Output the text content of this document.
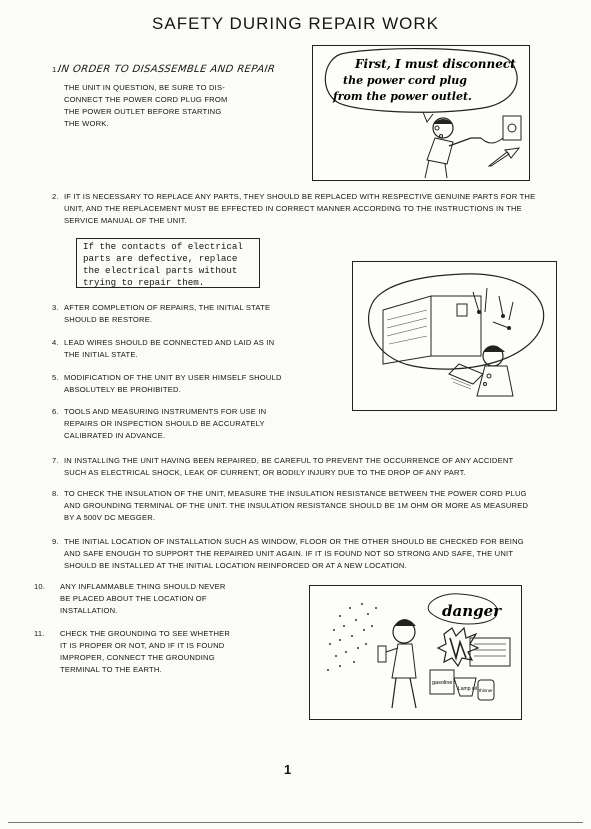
SAFETY DURING REPAIR WORK
1.
IN ORDER TO DISASSEMBLE AND REPAIR
THE UNIT IN QUESTION, BE SURE TO DIS-
CONNECT THE POWER CORD PLUG FROM
THE POWER OUTLET BEFORE STARTING
THE WORK.
First, I must disconnect
the power cord plug
from the power outlet.
2. IF IT IS NECESSARY TO REPLACE ANY PARTS, THEY SHOULD BE REPLACED WITH RESPECTIVE GENUINE PARTS FOR THE
UNIT, AND THE REPLACEMENT MUST BE EFFECTED IN CORRECT MANNER ACCORDING TO THE INSTRUCTIONS IN THE
SERVICE MANUAL OF THE UNIT.
If the contacts of electrical
parts are defective, replace
the electrical parts without
trying to repair them.
3. AFTER COMPLETION OF REPAIRS, THE INITIAL STATE
SHOULD BE RESTORE.
4. LEAD WIRES SHOULD BE CONNECTED AND LAID AS IN
THE INITIAL STATE.
5. MODIFICATION OF THE UNIT BY USER HIMSELF SHOULD
ABSOLUTELY BE PROHIBITED.
6. TOOLS AND MEASURING INSTRUMENTS FOR USE IN
REPAIRS OR INSPECTION SHOULD BE ACCURATELY
CALIBRATED IN ADVANCE.
7. IN INSTALLING THE UNIT HAVING BEEN REPAIRED, BE CAREFUL TO PREVENT THE OCCURRENCE OF ANY ACCIDENT
SUCH AS ELECTRICAL SHOCK, LEAK OF CURRENT, OR BODILY INJURY DUE TO THE DROP OF ANY PART.
8. TO CHECK THE INSULATION OF THE UNIT, MEASURE THE INSULATION RESISTANCE BETWEEN THE POWER CORD PLUG
AND GROUNDING TERMINAL OF THE UNIT. THE INSULATION RESISTANCE SHOULD BE 1M OHM OR MORE AS MEASURED
BY A 500V DC MEGGER.
9. THE INITIAL LOCATION OF INSTALLATION SUCH AS WINDOW, FLOOR OR THE OTHER SHOULD BE CHECKED FOR BEING
AND SAFE ENOUGH TO SUPPORT THE REPAIRED UNIT AGAIN. IF IT IS FOUND NOT SO STRONG AND SAFE, THE UNIT
SHOULD BE INSTALLED AT THE INITIAL LOCATION REINFORCED OR AT A NEW LOCATION.
10. ANY INFLAMMABLE THING SHOULD NEVER
BE PLACED ABOUT THE LOCATION OF
INSTALLATION.
11. CHECK THE GROUNDING TO SEE WHETHER
IT IS PROPER OR NOT, AND IF IT IS FOUND
IMPROPER, CONNECT THE GROUNDING
TERMINAL TO THE EARTH.
danger
gasoline
Lamp oil thinner
1
